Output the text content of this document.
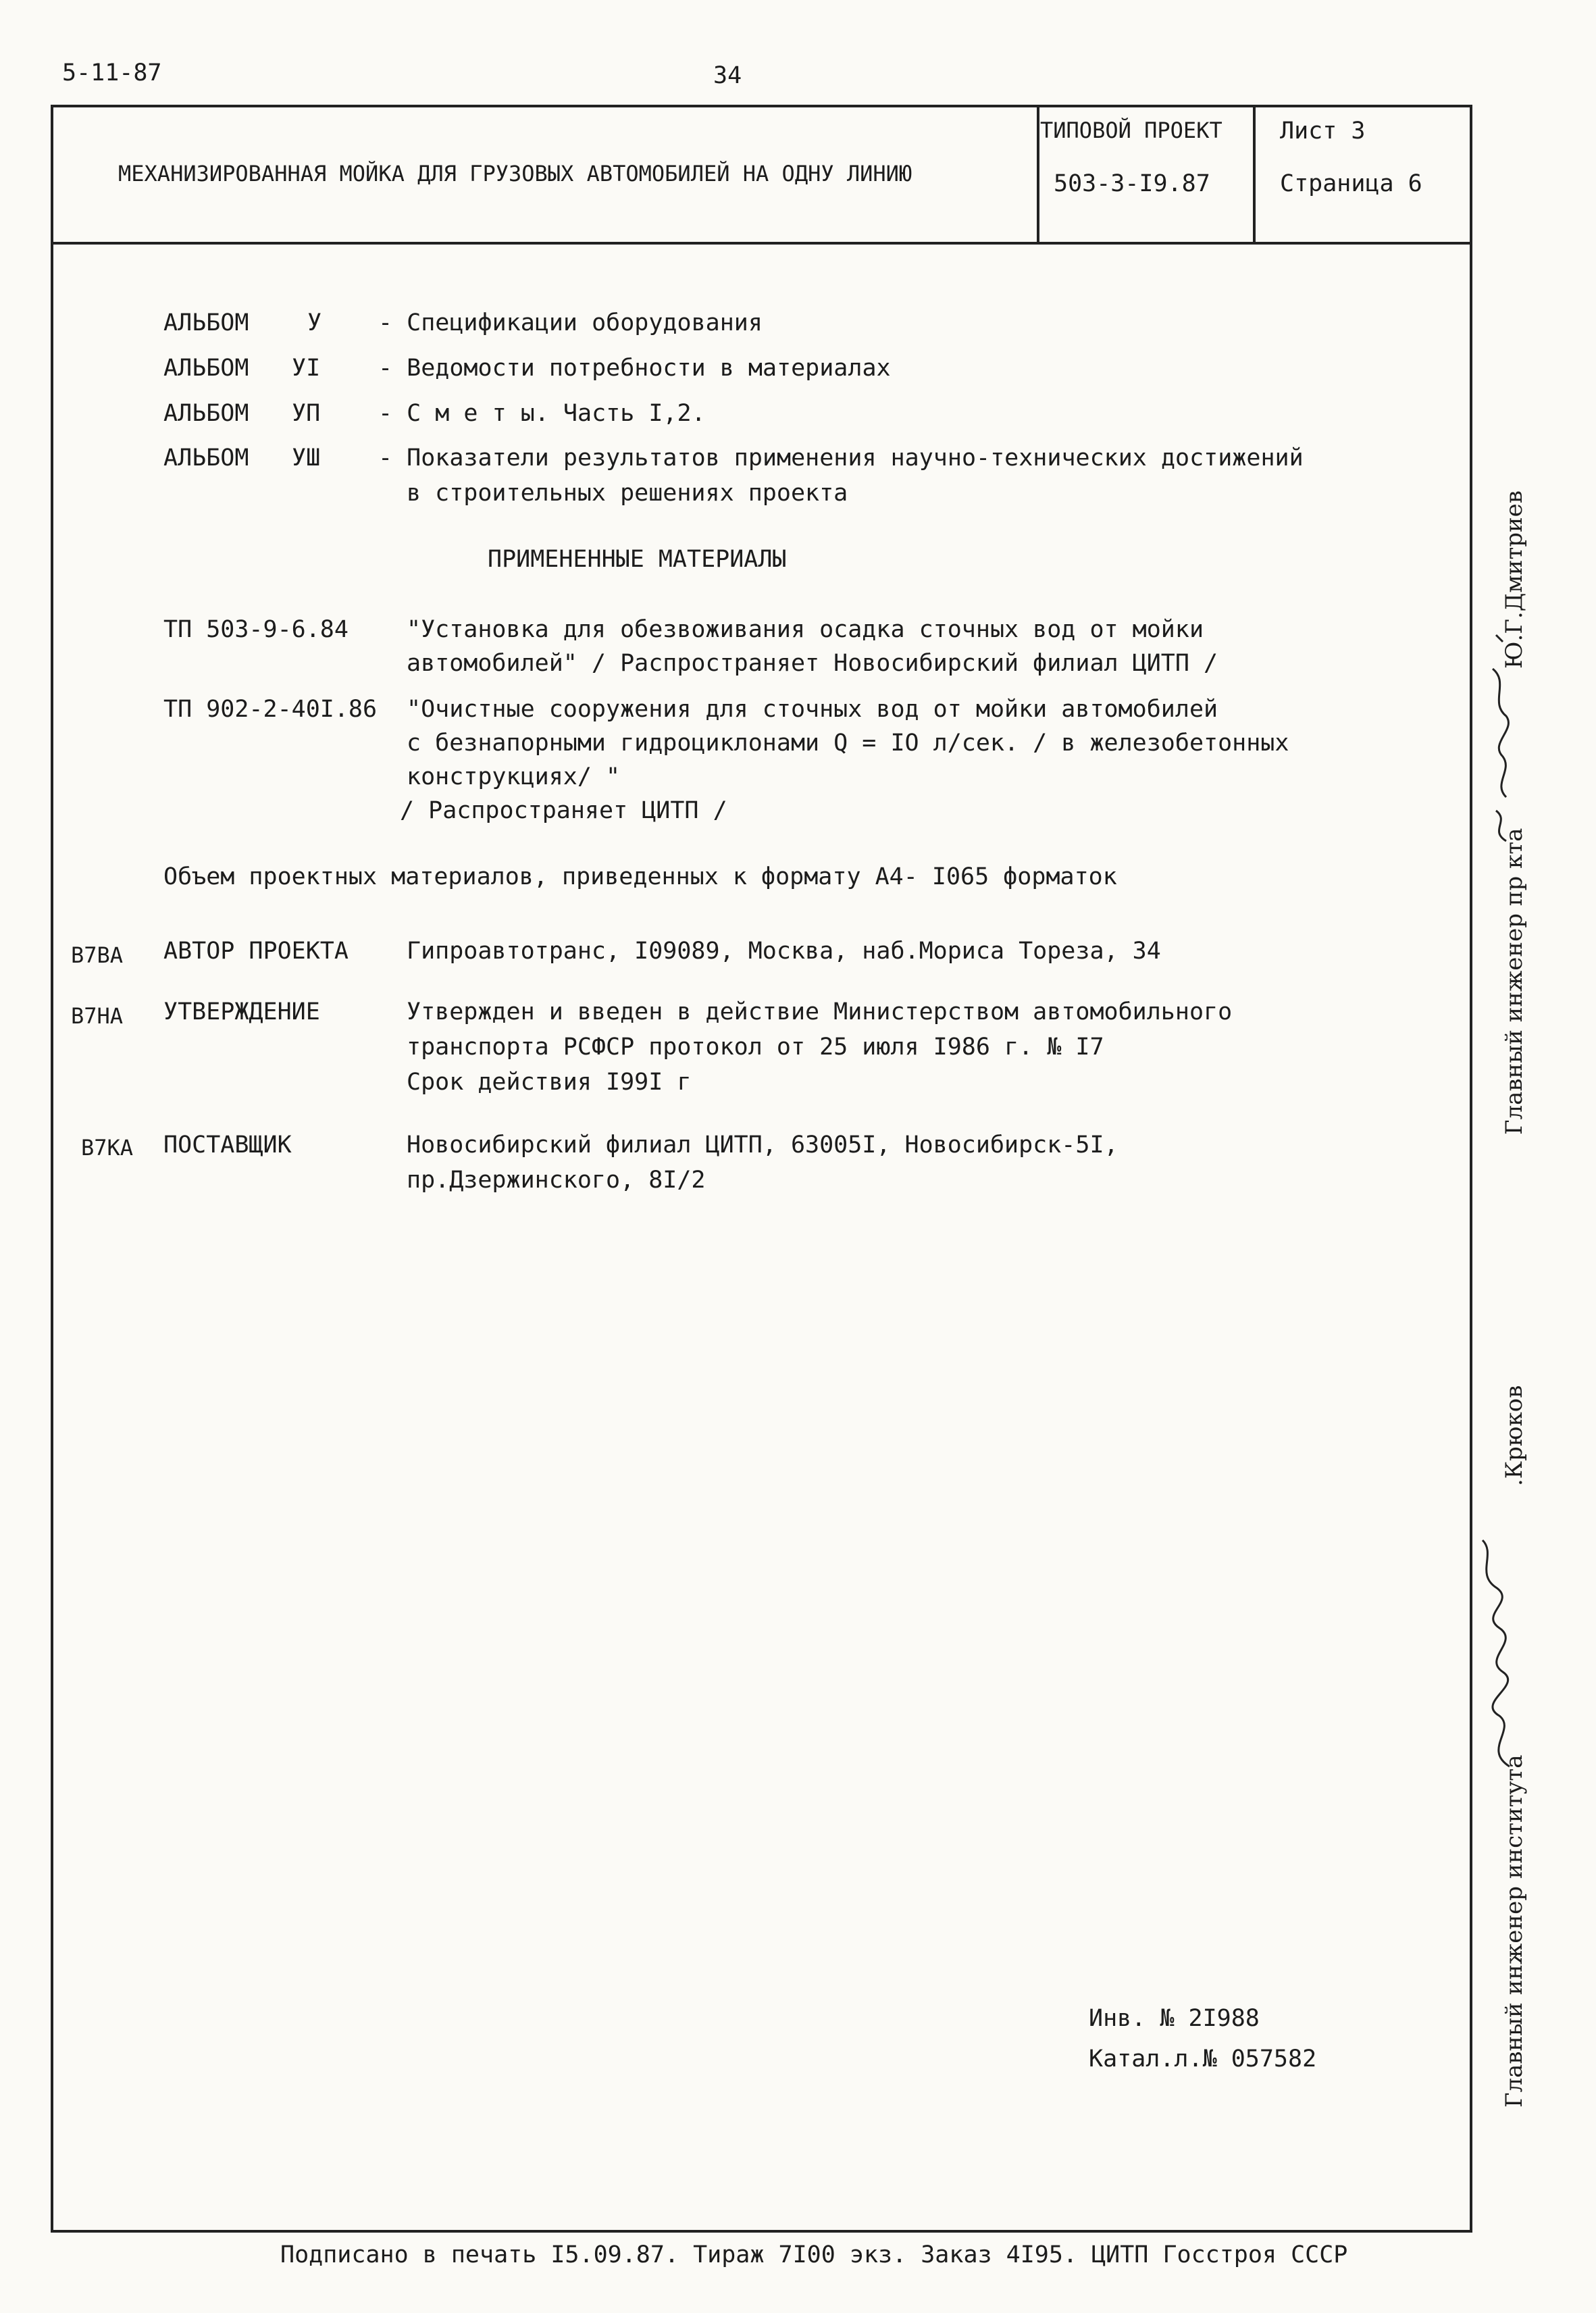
5-11-87	34
МЕХАНИЗИРОВАННАЯ МОЙКА ДЛЯ ГРУЗОВЫХ АВТОМОБИЛЕЙ НА ОДНУ ЛИНИЮ
ТИПОВОЙ ПРОЕКТ
503-3-I9.87
Лист 3
Страница 6
АЛЬБОМ У - Спецификации оборудования
АЛЬБОМ УI - Ведомости потребности в материалах
АЛЬБОМ УП - С м е т ы. Часть I,2.
АЛЬБОМ УШ - Показатели результатов применения научно-технических достижений
в строительных решениях проекта
ПРИМЕНЕННЫЕ МАТЕРИАЛЫ
ТП 503-9-6.84 "Установка для обезвоживания осадка сточных вод от мойки
автомобилей" / Распространяет Новосибирский филиал ЦИТП /
ТП 902-2-40I.86 "Очистные сооружения для сточных вод от мойки автомобилей
с безнапорными гидроциклонами Q = IO л/сек. / в железобетонных
конструкциях/ "
/ Распространяет ЦИТП /
Объем проектных материалов, приведенных к формату А4- I065 форматок
В7ВА АВТОР ПРОЕКТА Гипроавтотранс, I09089, Москва, наб.Мориса Тореза, 34
В7НА УТВЕРЖДЕНИЕ	Утвержден и введен в действие Министерством автомобильного
транспорта РСФСР протокол от 25 июля I986 г. № I7
Срок действия I99I г
В7КА ПОСТАВЩИК	Новосибирский филиал ЦИТП, 63005I, Новосибирск-5I,
пр.Дзержинского, 8I/2
Инв. № 2I988
Катал.л.№ 057582
Главный инженер пр кта
Ю.Г.Дмитриев
Главный инженер института
.Крюков
Подписано в печать I5.09.87. Тираж 7I00 экз. Заказ 4I95. ЦИТП Госстроя СССР
